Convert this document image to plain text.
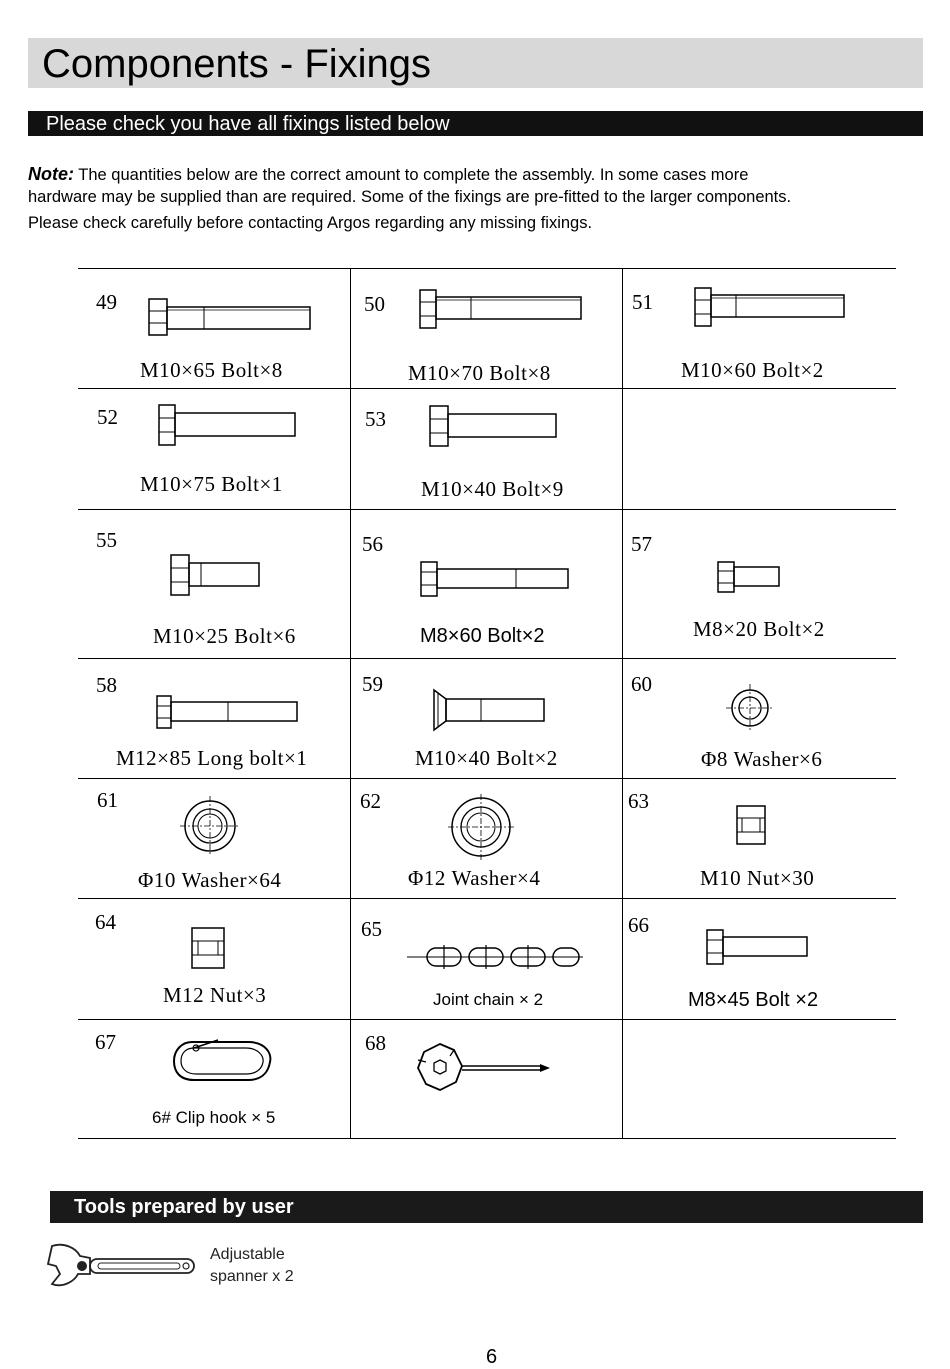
Components - Fixings
Please check you have all fixings listed below

Note: The quantities below are the correct amount to complete the assembly. In some cases more

hardware may be supplied than are required. Some of the fixings are pre-fitted to the larger components.

Please check carefully before contacting Argos regarding any missing fixings.

49
M10×65 Bolt×8
50
M10×70 Bolt×8
51
M10×60 Bolt×2
52
M10×75 Bolt×1
53
M10×40 Bolt×9
55
M10×25 Bolt×6
56
M8×60 Bolt×2
57
M8×20 Bolt×2
58
M12×85 Long bolt×1
59
M10×40 Bolt×2
60
Φ8 Washer×6
61
Φ10 Washer×64
62
Φ12 Washer×4
63
M10 Nut×30
64
M12 Nut×3
65
Joint chain × 2
66
M8×45 Bolt ×2
67
6# Clip hook × 5
68
Tools prepared by user
Adjustable
spanner x 2
6
